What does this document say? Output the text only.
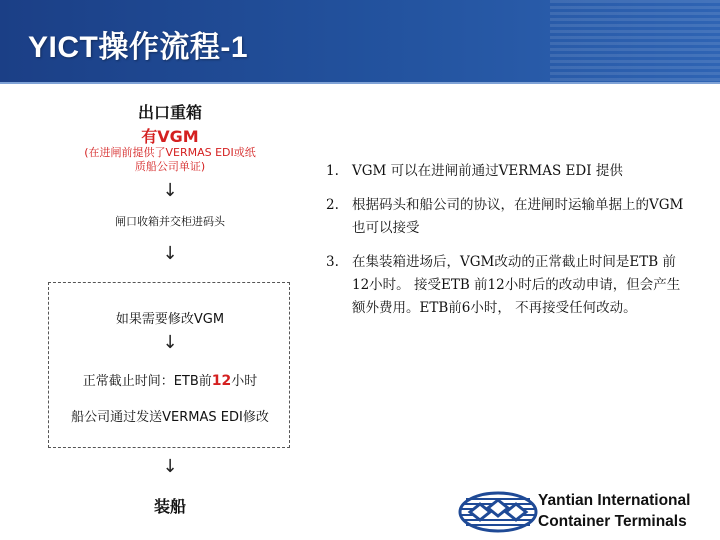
YICT操作流程-1
出口重箱
有VGM
(在进闸前提供了VERMAS EDI或纸质船公司单证)
↓
闸口收箱并交柜进码头
↓
如果需要修改VGM
↓
正常截止时间：ETB前12小时
船公司通过发送VERMAS EDI修改
↓
装船
1. VGM 可以在进闸前通过VERMAS EDI 提供
2. 根据码头和船公司的协议，在进闸时运输单据上的VGM也可以接受
3. 在集装箱进场后，VGM改动的正常截止时间是ETB 前12小时。 接受ETB 前12小时后的改动申请，但会产生额外费用。ETB前6小时， 不再接受任何改动。
Yantian International
Container Terminals
